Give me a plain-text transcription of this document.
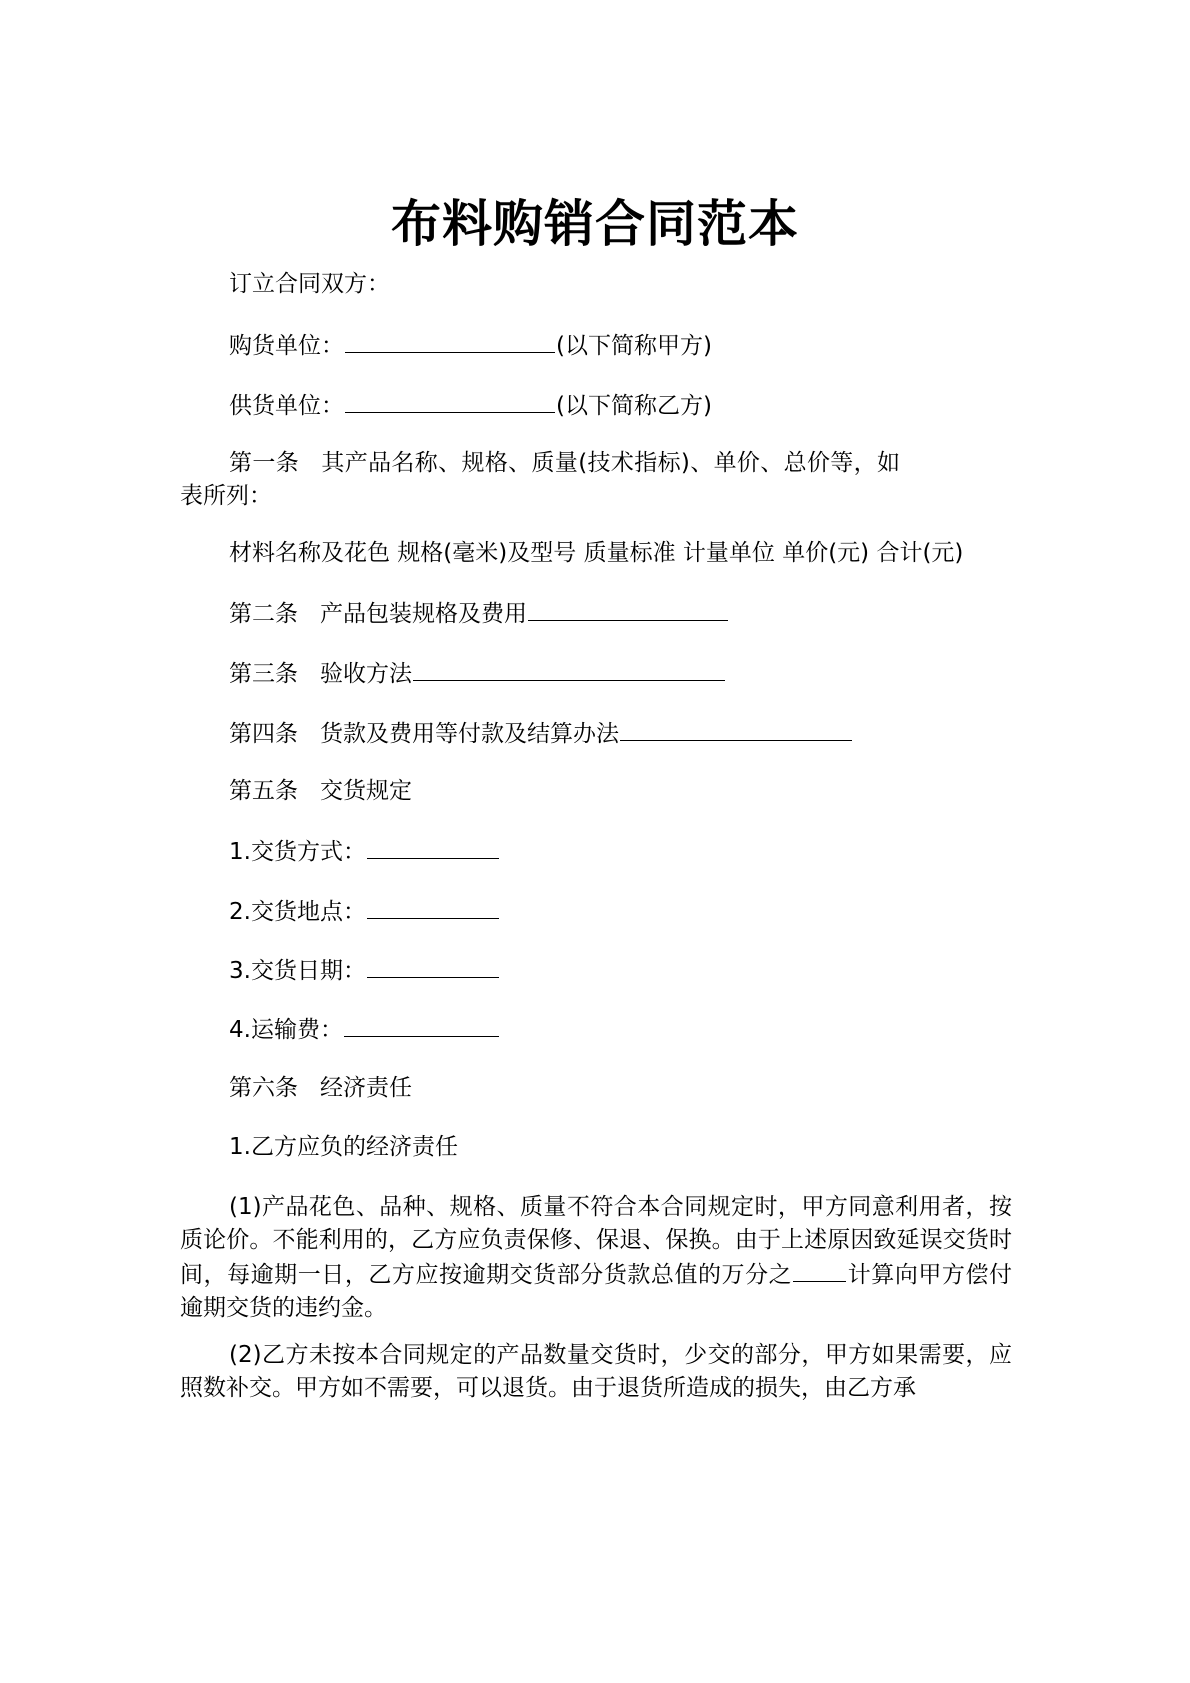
布料购销合同范本
订立合同双方：
购货单位：	(以下简称甲方)
供货单位：	(以下简称乙方)
第一条 其产品名称、规格、质量(技术指标)、单价、总价等，如表所列：
材料名称及花色 规格(毫米)及型号 质量标准 计量单位 单价(元) 合计(元)
第二条 产品包装规格及费用
第三条 验收方法
第四条 货款及费用等付款及结算办法
第五条 交货规定
1.交货方式：
2.交货地点：
3.交货日期：
4.运输费：
第六条 经济责任
1.乙方应负的经济责任
(1)产品花色、品种、规格、质量不符合本合同规定时，甲方同意利用者，按质论价。不能利用的，乙方应负责保修、保退、保换。由于上述原因致延误交货时间，每逾期一日，乙方应按逾期交货部分货款总值的万分之 计算向甲方偿付逾期交货的违约金。
(2)乙方未按本合同规定的产品数量交货时，少交的部分，甲方如果需要，应照数补交。甲方如不需要，可以退货。由于退货所造成的损失，由乙方承
